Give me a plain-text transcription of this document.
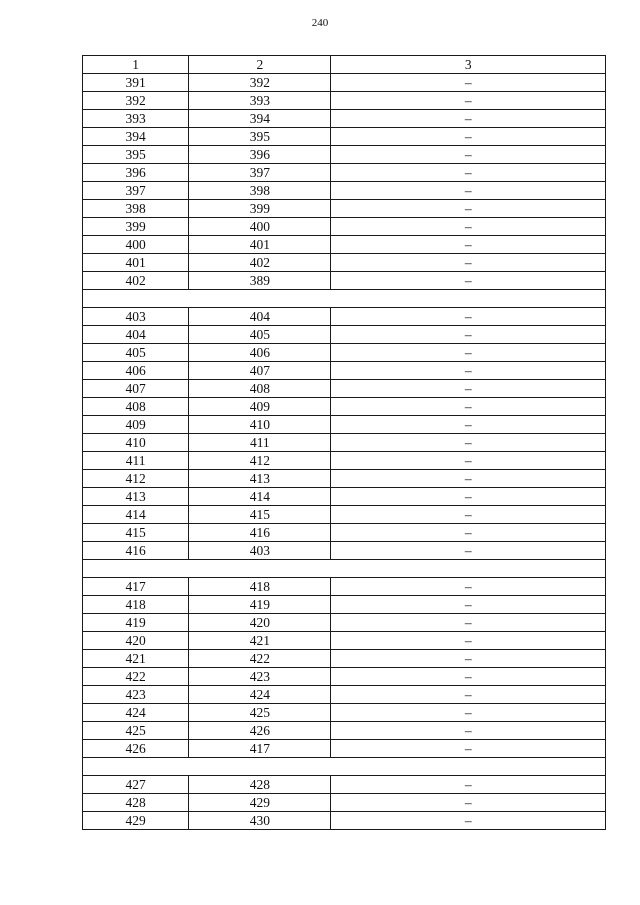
240
1	2	3
391	392	–
392	393	–
393	394	–
394	395	–
395	396	–
396	397	–
397	398	–
398	399	–
399	400	–
400	401	–
401	402	–
402	389	–

403	404	–
404	405	–
405	406	–
406	407	–
407	408	–
408	409	–
409	410	–
410	411	–
411	412	–
412	413	–
413	414	–
414	415	–
415	416	–
416	403	–

417	418	–
418	419	–
419	420	–
420	421	–
421	422	–
422	423	–
423	424	–
424	425	–
425	426	–
426	417	–

427	428	–
428	429	–
429	430	–
